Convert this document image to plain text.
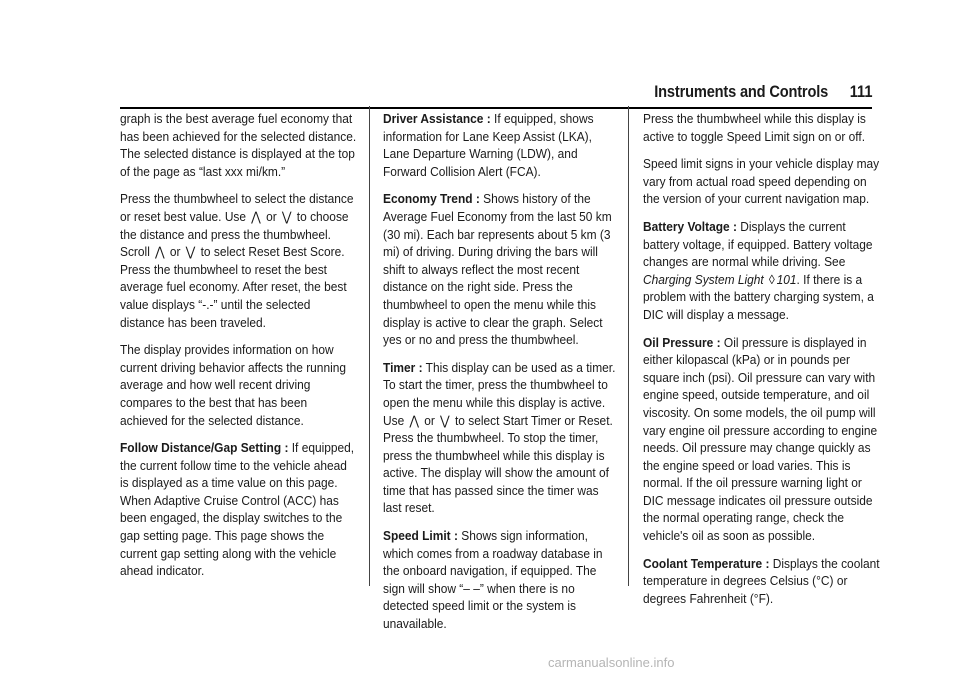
Instruments and Controls 111

graph is the best average fuel economy that has been achieved for the selected distance. The selected distance is displayed at the top of the page as “last xxx mi/km.”

Press the thumbwheel to select the distance or reset best value. Use ⋀ or ⋁ to choose the distance and press the thumbwheel. Scroll ⋀ or ⋁ to select Reset Best Score. Press the thumbwheel to reset the best average fuel economy. After reset, the best value displays “-.-” until the selected distance has been traveled.

The display provides information on how current driving behavior affects the running average and how well recent driving compares to the best that has been achieved for the selected distance.

Follow Distance/Gap Setting : If equipped, the current follow time to the vehicle ahead is displayed as a time value on this page. When Adaptive Cruise Control (ACC) has been engaged, the display switches to the gap setting page. This page shows the current gap setting along with the vehicle ahead indicator.

Driver Assistance : If equipped, shows information for Lane Keep Assist (LKA), Lane Departure Warning (LDW), and Forward Collision Alert (FCA).

Economy Trend : Shows history of the Average Fuel Economy from the last 50 km (30 mi). Each bar represents about 5 km (3 mi) of driving. During driving the bars will shift to always reflect the most recent distance on the right side. Press the thumbwheel to open the menu while this display is active to clear the graph. Select yes or no and press the thumbwheel.

Timer : This display can be used as a timer. To start the timer, press the thumbwheel to open the menu while this display is active. Use ⋀ or ⋁ to select Start Timer or Reset. Press the thumbwheel. To stop the timer, press the thumbwheel while this display is active. The display will show the amount of time that has passed since the timer was last reset.

Speed Limit : Shows sign information, which comes from a roadway database in the onboard navigation, if equipped. The sign will show “– –” when there is no detected speed limit or the system is unavailable.

Press the thumbwheel while this display is active to toggle Speed Limit sign on or off.

Speed limit signs in your vehicle display may vary from actual road speed depending on the version of your current navigation map.

Battery Voltage : Displays the current battery voltage, if equipped. Battery voltage changes are normal while driving. See Charging System Light ◊ 101. If there is a problem with the battery charging system, a DIC will display a message.

Oil Pressure : Oil pressure is displayed in either kilopascal (kPa) or in pounds per square inch (psi). Oil pressure can vary with engine speed, outside temperature, and oil viscosity. On some models, the oil pump will vary engine oil pressure according to engine needs. Oil pressure may change quickly as the engine speed or load varies. This is normal. If the oil pressure warning light or DIC message indicates oil pressure outside the normal operating range, check the vehicle's oil as soon as possible.

Coolant Temperature : Displays the coolant temperature in degrees Celsius (°C) or degrees Fahrenheit (°F).

carmanualsonline.info
